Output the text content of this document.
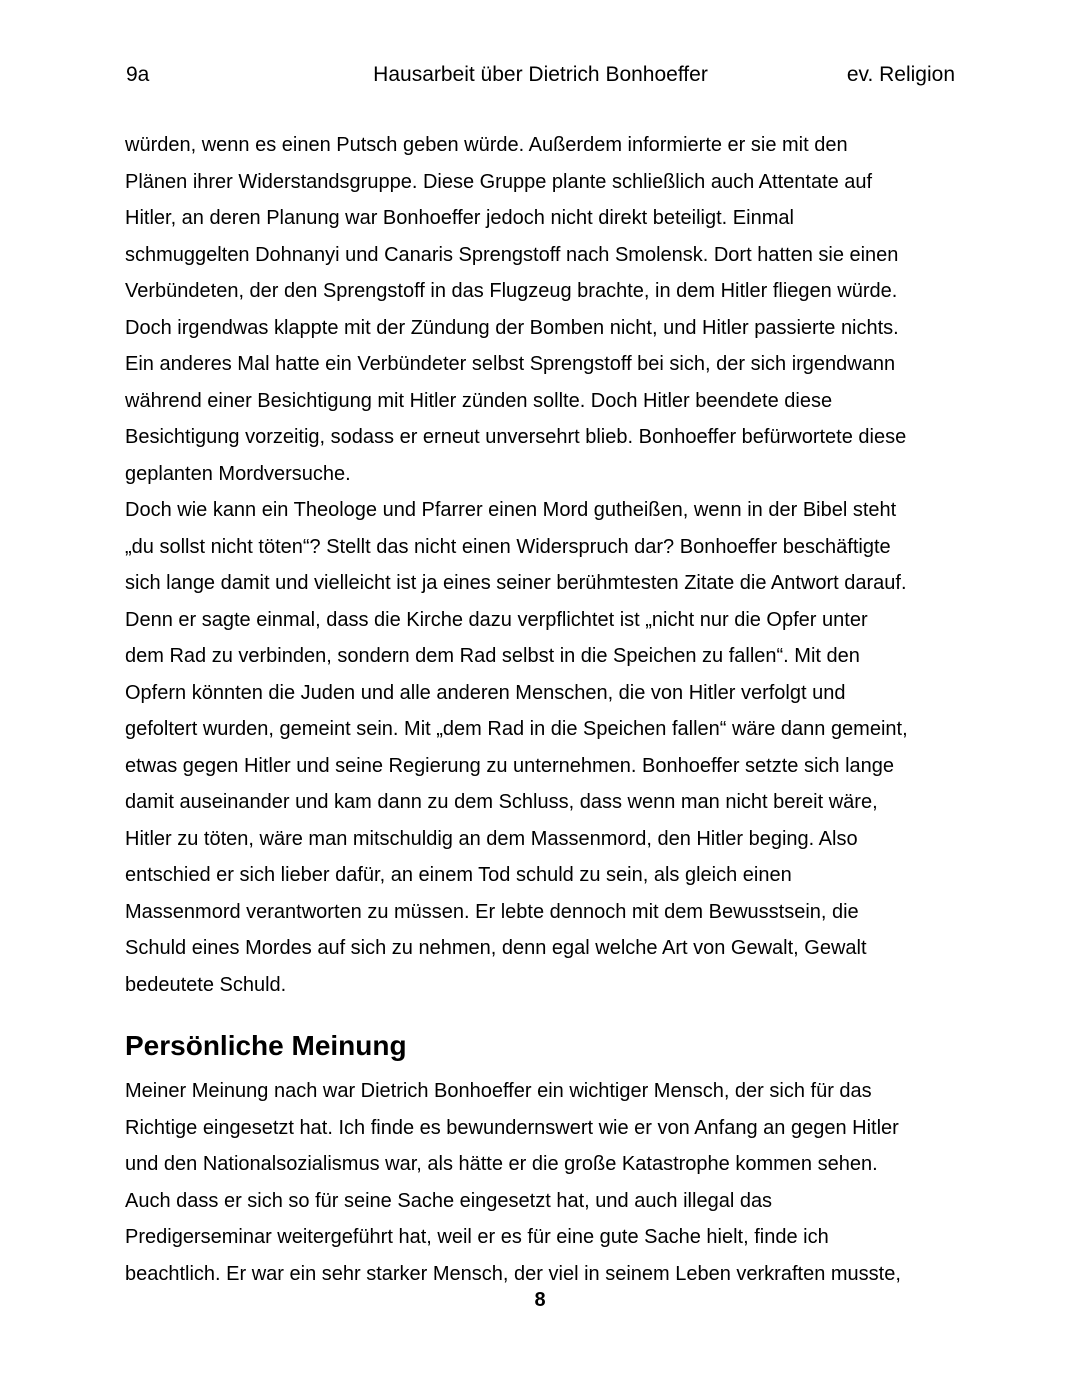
9a	Hausarbeit über Dietrich Bonhoeffer	ev. Religion
würden, wenn es einen Putsch geben würde. Außerdem informierte er sie mit den
Plänen ihrer Widerstandsgruppe. Diese Gruppe plante schließlich auch Attentate auf
Hitler, an deren Planung war Bonhoeffer jedoch nicht direkt beteiligt. Einmal
schmuggelten Dohnanyi und Canaris Sprengstoff nach Smolensk. Dort hatten sie einen
Verbündeten, der den Sprengstoff in das Flugzeug brachte, in dem Hitler fliegen würde.
Doch irgendwas klappte mit der Zündung der Bomben nicht, und Hitler passierte nichts.
Ein anderes Mal hatte ein Verbündeter selbst Sprengstoff bei sich, der sich irgendwann
während einer Besichtigung mit Hitler zünden sollte. Doch Hitler beendete diese
Besichtigung vorzeitig, sodass er erneut unversehrt blieb. Bonhoeffer befürwortete diese
geplanten Mordversuche.
Doch wie kann ein Theologe und Pfarrer einen Mord gutheißen, wenn in der Bibel steht
„du sollst nicht töten“? Stellt das nicht einen Widerspruch dar? Bonhoeffer beschäftigte
sich lange damit und vielleicht ist ja eines seiner berühmtesten Zitate die Antwort darauf.
Denn er sagte einmal, dass die Kirche dazu verpflichtet ist „nicht nur die Opfer unter
dem Rad zu verbinden, sondern dem Rad selbst in die Speichen zu fallen“. Mit den
Opfern könnten die Juden und alle anderen Menschen, die von Hitler verfolgt und
gefoltert wurden, gemeint sein. Mit „dem Rad in die Speichen fallen“ wäre dann gemeint,
etwas gegen Hitler und seine Regierung zu unternehmen. Bonhoeffer setzte sich lange
damit auseinander und kam dann zu dem Schluss, dass wenn man nicht bereit wäre,
Hitler zu töten, wäre man mitschuldig an dem Massenmord, den Hitler beging. Also
entschied er sich lieber dafür, an einem Tod schuld zu sein, als gleich einen
Massenmord verantworten zu müssen. Er lebte dennoch mit dem Bewusstsein, die
Schuld eines Mordes auf sich zu nehmen, denn egal welche Art von Gewalt, Gewalt
bedeutete Schuld.
Persönliche Meinung
Meiner Meinung nach war Dietrich Bonhoeffer ein wichtiger Mensch, der sich für das
Richtige eingesetzt hat. Ich finde es bewundernswert wie er von Anfang an gegen Hitler
und den Nationalsozialismus war, als hätte er die große Katastrophe kommen sehen.
Auch dass er sich so für seine Sache eingesetzt hat, und auch illegal das
Predigerseminar weitergeführt hat, weil er es für eine gute Sache hielt, finde ich
beachtlich. Er war ein sehr starker Mensch, der viel in seinem Leben verkraften musste,
8
